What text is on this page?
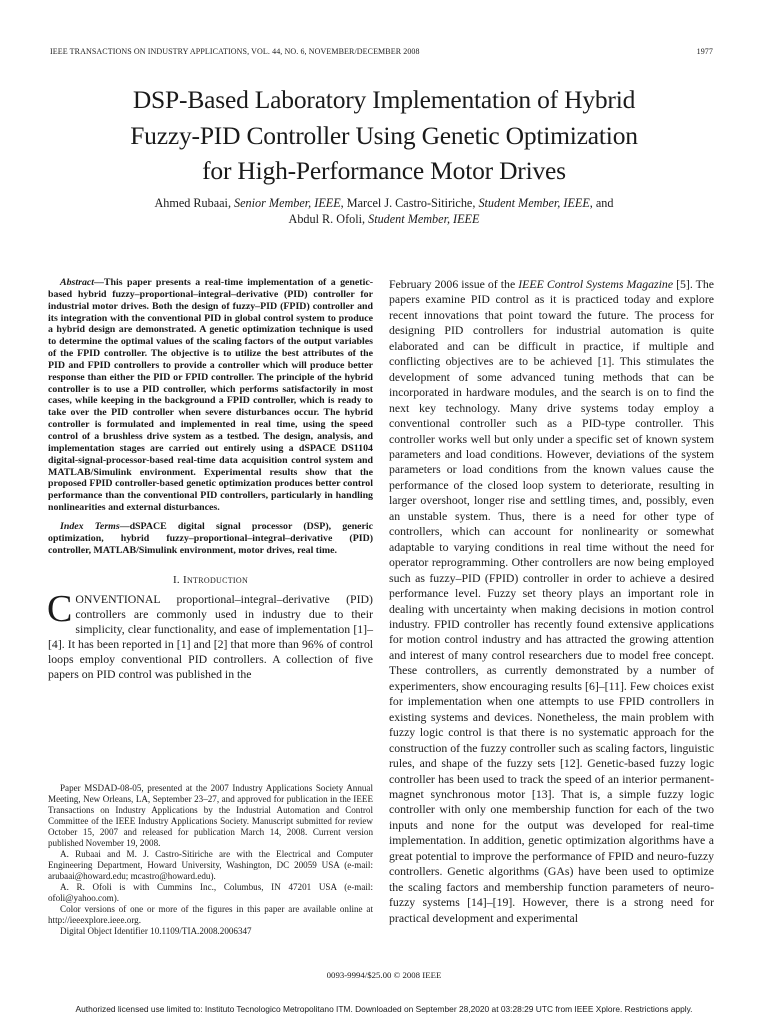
IEEE TRANSACTIONS ON INDUSTRY APPLICATIONS, VOL. 44, NO. 6, NOVEMBER/DECEMBER 2008	1977
DSP-Based Laboratory Implementation of Hybrid
Fuzzy-PID Controller Using Genetic Optimization
for High-Performance Motor Drives
Ahmed Rubaai, Senior Member, IEEE, Marcel J. Castro-Sitiriche, Student Member, IEEE, and
Abdul R. Ofoli, Student Member, IEEE

Abstract—This paper presents a real-time implementation of a genetic-based hybrid fuzzy–proportional–integral–derivative (PID) controller for industrial motor drives. Both the design of fuzzy–PID (FPID) controller and its integration with the conventional PID in global control system to produce a hybrid design are demonstrated. A genetic optimization technique is used to determine the optimal values of the scaling factors of the output variables of the FPID controller. The objective is to utilize the best attributes of the PID and FPID controllers to provide a controller which will produce better response than either the PID or FPID controller. The principle of the hybrid controller is to use a PID controller, which performs satisfactorily in most cases, while keeping in the background a FPID controller, which is ready to take over the PID controller when severe disturbances occur. The hybrid controller is formulated and implemented in real time, using the speed control of a brushless drive system as a testbed. The design, analysis, and implementation stages are carried out entirely using a dSPACE DS1104 digital-signal-processor-based real-time data acquisition control system and MATLAB/Simulink environment. Experimental results show that the proposed FPID controller-based genetic optimization produces better control performance than the conventional PID controllers, particularly in handling nonlinearities and external disturbances.

Index Terms—dSPACE digital signal processor (DSP), generic optimization, hybrid fuzzy–proportional–integral–derivative (PID) controller, MATLAB/Simulink environment, motor drives, real time.

I. Introduction

CONVENTIONAL proportional–integral–derivative (PID) controllers are commonly used in industry due to their simplicity, clear functionality, and ease of implementation [1]–[4]. It has been reported in [1] and [2] that more than 96% of control loops employ conventional PID controllers. A collection of five papers on PID control was published in the

Paper MSDAD-08-05, presented at the 2007 Industry Applications Society Annual Meeting, New Orleans, LA, September 23–27, and approved for publication in the IEEE Transactions on Industry Applications by the Industrial Automation and Control Committee of the IEEE Industry Applications Society. Manuscript submitted for review October 15, 2007 and released for publication March 14, 2008. Current version published November 19, 2008.

A. Rubaai and M. J. Castro-Sitiriche are with the Electrical and Computer Engineering Department, Howard University, Washington, DC 20059 USA (e-mail: arubaai@howard.edu; mcastro@howard.edu).

A. R. Ofoli is with Cummins Inc., Columbus, IN 47201 USA (e-mail: ofoli@yahoo.com).

Color versions of one or more of the figures in this paper are available online at http://ieeexplore.ieee.org.

Digital Object Identifier 10.1109/TIA.2008.2006347

February 2006 issue of the IEEE Control Systems Magazine [5]. The papers examine PID control as it is practiced today and explore recent innovations that point toward the future. The process for designing PID controllers for industrial automation is quite elaborated and can be difficult in practice, if multiple and conflicting objectives are to be achieved [1]. This stimulates the development of some advanced tuning methods that can be incorporated in hardware modules, and the search is on to find the next key technology. Many drive systems today employ a conventional controller such as a PID-type controller. This controller works well but only under a specific set of known system parameters and load conditions. However, deviations of the system parameters or load conditions from the known values cause the performance of the closed loop system to deteriorate, resulting in larger overshoot, longer rise and settling times, and, possibly, even an unstable system. Thus, there is a need for other type of controllers, which can account for nonlinearity or somewhat adaptable to varying conditions in real time without the need for operator reprogramming. Other controllers are now being employed such as fuzzy–PID (FPID) controller in order to achieve a desired performance level. Fuzzy set theory plays an important role in dealing with uncertainty when making decisions in motion control industry. FPID controller has recently found extensive applications for motion control industry and has attracted the growing attention and interest of many control researchers due to model free concept. These controllers, as currently demonstrated by a number of experimenters, show encouraging results [6]–[11]. Few choices exist for implementation when one attempts to use FPID controllers in existing systems and devices. Nonetheless, the main problem with fuzzy logic control is that there is no systematic approach for the construction of the fuzzy controller such as scaling factors, linguistic rules, and shape of the fuzzy sets [12]. Genetic-based fuzzy logic controller has been used to track the speed of an interior permanent-magnet synchronous motor [13]. That is, a simple fuzzy logic controller with only one membership function for each of the two inputs and none for the output was developed for real-time implementation. In addition, genetic optimization algorithms have a great potential to improve the performance of FPID and neuro-fuzzy controllers. Genetic algorithms (GAs) have been used to optimize the scaling factors and membership function parameters of neuro-fuzzy systems [14]–[19]. However, there is a strong need for practical development and experimental

0093-9994/$25.00 © 2008 IEEE
Authorized licensed use limited to: Instituto Tecnologico Metropolitano ITM. Downloaded on September 28,2020 at 03:28:29 UTC from IEEE Xplore. Restrictions apply.
